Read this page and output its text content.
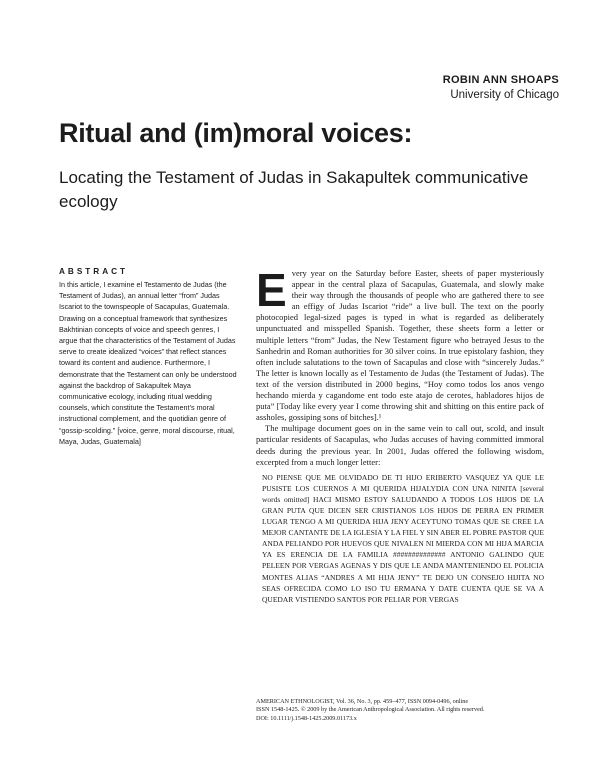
ROBIN ANN SHOAPS
University of Chicago
Ritual and (im)moral voices:
Locating the Testament of Judas in Sakapultek communicative ecology
ABSTRACT

In this article, I examine el Testamento de Judas (the Testament of Judas), an annual letter “from” Judas Iscariot to the townspeople of Sacapulas, Guatemala. Drawing on a conceptual framework that synthesizes Bakhtinian concepts of voice and speech genres, I argue that the characteristics of the Testament of Judas serve to create idealized “voices” that reflect stances toward its content and audience. Furthermore, I demonstrate that the Testament can only be understood against the backdrop of Sakapultek Maya communicative ecology, including ritual wedding counsels, which constitute the Testament’s moral instructional complement, and the quotidian genre of “gossip-scolding.” [voice, genre, moral discourse, ritual, Maya, Judas, Guatemala]

Every year on the Saturday before Easter, sheets of paper mysteriously appear in the central plaza of Sacapulas, Guatemala, and slowly make their way through the thousands of people who are gathered there to see an effigy of Judas Iscariot “ride” a live bull. The text on the poorly photocopied legal-sized pages is typed in what is regarded as deliberately unpunctuated and misspelled Spanish. Together, these sheets form a letter or multiple letters “from” Judas, the New Testament figure who betrayed Jesus to the Sanhedrin and Roman authorities for 30 silver coins. In true epistolary fashion, they often include salutations to the town of Sacapulas and close with “sincerely Judas.” The letter is known locally as el Testamento de Judas (the Testament of Judas). The text of the version distributed in 2000 begins, “Hoy como todos los anos vengo hechando mierda y cagandome ent todo este atajo de cerotes, habladores hijos de puta” [Today like every year I come throwing shit and shitting on this entire pack of assholes, gossiping sons of bitches].¹

The multipage document goes on in the same vein to call out, scold, and insult particular residents of Sacapulas, who Judas accuses of having committed immoral deeds during the previous year. In 2001, Judas offered the following wisdom, excerpted from a much longer letter:

NO PIENSE QUE ME OLVIDADO DE TI HIJO ERIBERTO VASQUEZ YA QUE LE PUSISTE LOS CUERNOS A MI QUERIDA HIJALYDIA CON UNA NINITA [several words omitted] HACI MISMO ESTOY SALUDANDO A TODOS LOS HIJOS DE LA GRAN PUTA QUE DICEN SER CRISTIANOS LOS HIJOS DE PERRA EN PRIMER LUGAR TENGO A MI QUERIDA HIJA JENY ACEYTUNO TOMAS QUE SE CREE LA MEJOR CANTANTE DE LA IGLESIA Y LA FIEL Y SIN ABER EL POBRE PASTOR QUE ANDA PELIANDO POR HUEVOS QUE NIVALEN NI MIERDA CON MI HIJA MARCIA YA ES ERENCIA DE LA FAMILIA ############## ANTONIO GALINDO QUE PELEEN POR VERGAS AGENAS Y DIS QUE LE ANDA MANTENIENDO EL POLICIA MONTES ALIAS “ANDRES A MI HIJA JENY” TE DEJO UN CONSEJO HIJITA NO SEAS OFRECIDA COMO LO ISO TU ERMANA Y DATE CUENTA QUE SE VA A QUEDAR VISTIENDO SANTOS POR PELIAR POR VERGAS
AMERICAN ETHNOLOGIST, Vol. 36, No. 3, pp. 459–477, ISSN 0094-0496, online
ISSN 1548-1425. © 2009 by the American Anthropological Association. All rights reserved.
DOI: 10.1111/j.1548-1425.2009.01173.x
